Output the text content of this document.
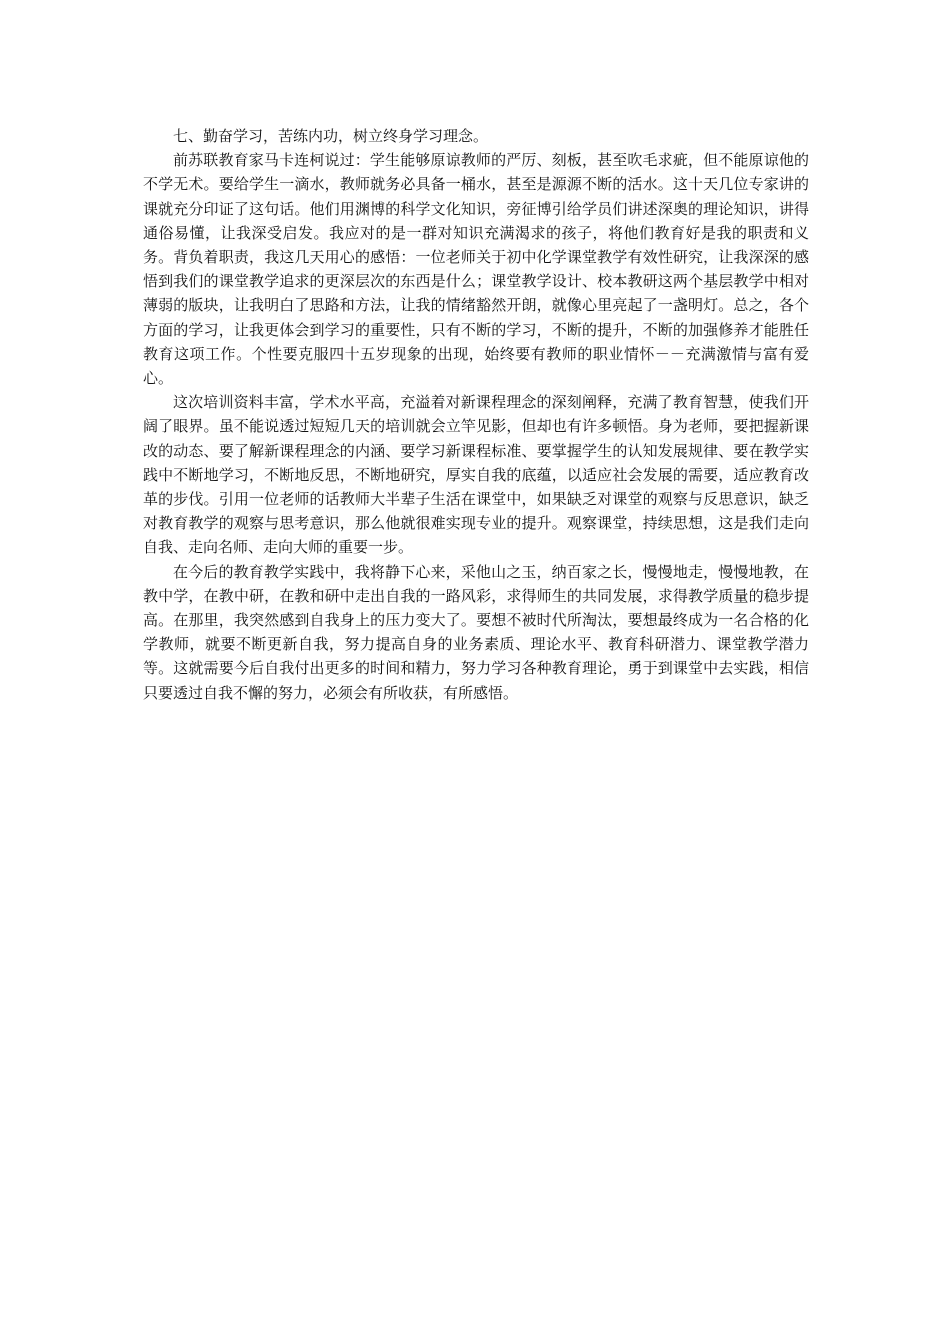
七、勤奋学习，苦练内功，树立终身学习理念。

前苏联教育家马卡连柯说过：学生能够原谅教师的严厉、刻板，甚至吹毛求疵，但不能原谅他的不学无术。要给学生一滴水，教师就务必具备一桶水，甚至是源源不断的活水。这十天几位专家讲的课就充分印证了这句话。他们用渊博的科学文化知识，旁征博引给学员们讲述深奥的理论知识，讲得通俗易懂，让我深受启发。我应对的是一群对知识充满渴求的孩子，将他们教育好是我的职责和义务。背负着职责，我这几天用心的感悟：一位老师关于初中化学课堂教学有效性研究，让我深深的感悟到我们的课堂教学追求的更深层次的东西是什么；课堂教学设计、校本教研这两个基层教学中相对薄弱的版块，让我明白了思路和方法，让我的情绪豁然开朗，就像心里亮起了一盏明灯。总之，各个方面的学习，让我更体会到学习的重要性，只有不断的学习，不断的提升，不断的加强修养才能胜任教育这项工作。个性要克服四十五岁现象的出现，始终要有教师的职业情怀－－充满激情与富有爱心。

这次培训资料丰富，学术水平高，充溢着对新课程理念的深刻阐释，充满了教育智慧，使我们开阔了眼界。虽不能说透过短短几天的培训就会立竿见影，但却也有许多顿悟。身为老师，要把握新课改的动态、要了解新课程理念的内涵、要学习新课程标准、要掌握学生的认知发展规律、要在教学实践中不断地学习，不断地反思，不断地研究，厚实自我的底蕴，以适应社会发展的需要，适应教育改革的步伐。引用一位老师的话教师大半辈子生活在课堂中，如果缺乏对课堂的观察与反思意识，缺乏对教育教学的观察与思考意识，那么他就很难实现专业的提升。观察课堂，持续思想，这是我们走向自我、走向名师、走向大师的重要一步。

在今后的教育教学实践中，我将静下心来，采他山之玉，纳百家之长，慢慢地走，慢慢地教，在教中学，在教中研，在教和研中走出自我的一路风彩，求得师生的共同发展，求得教学质量的稳步提高。在那里，我突然感到自我身上的压力变大了。要想不被时代所淘汰，要想最终成为一名合格的化学教师，就要不断更新自我，努力提高自身的业务素质、理论水平、教育科研潜力、课堂教学潜力等。这就需要今后自我付出更多的时间和精力，努力学习各种教育理论，勇于到课堂中去实践，相信只要透过自我不懈的努力，必须会有所收获，有所感悟。
